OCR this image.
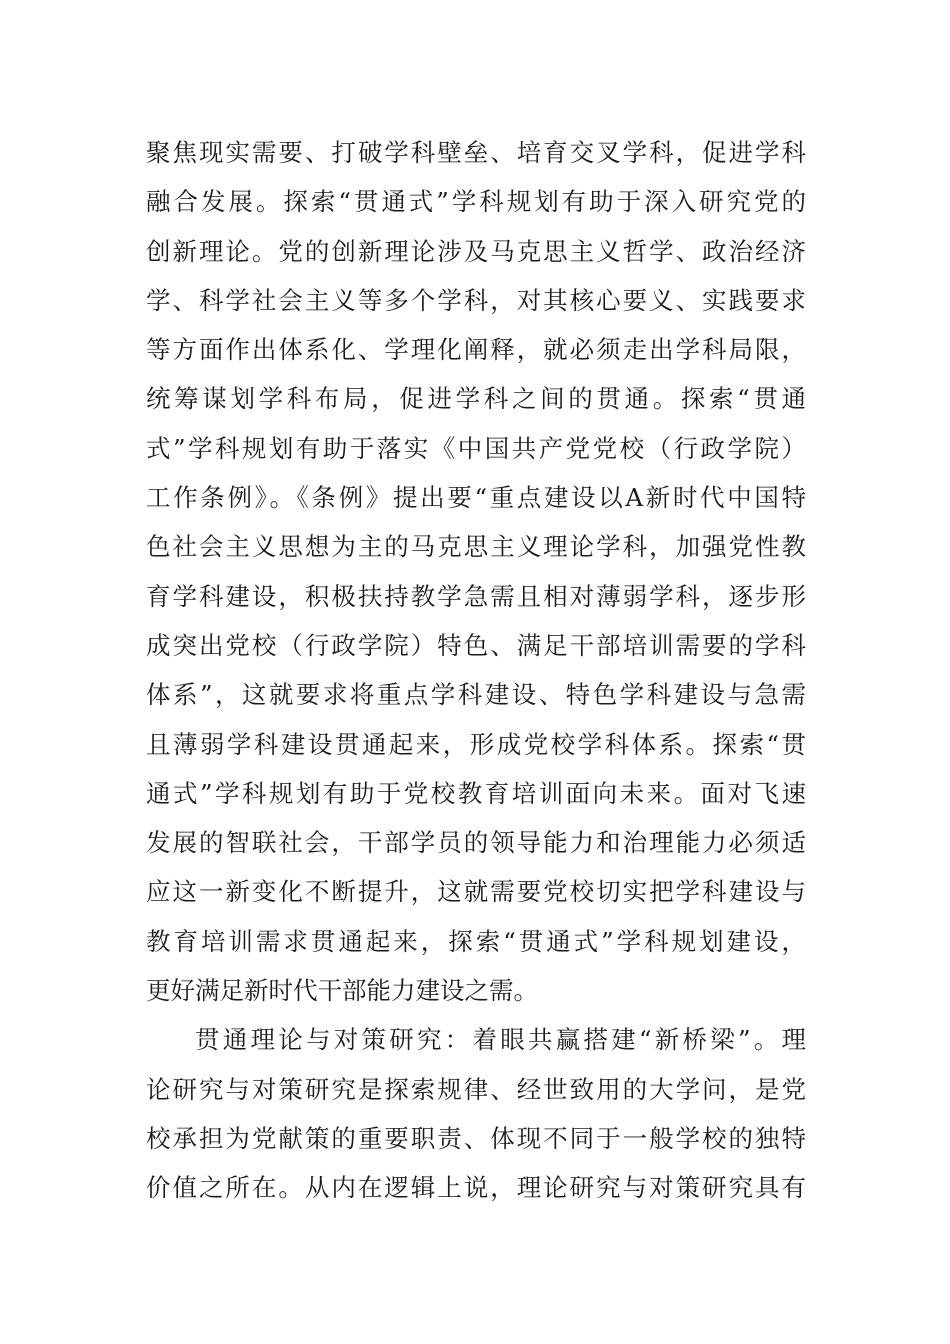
聚焦现实需要、打破学科壁垒、培育交叉学科，促进学科
融合发展。探索“贯通式”学科规划有助于深入研究党的
创新理论。党的创新理论涉及马克思主义哲学、政治经济
学、科学社会主义等多个学科，对其核心要义、实践要求
等方面作出体系化、学理化阐释，就必须走出学科局限，
统筹谋划学科布局，促进学科之间的贯通。探索“贯通
式”学科规划有助于落实《中国共产党党校（行政学院）
工作条例》。《条例》提出要“重点建设以A新时代中国特
色社会主义思想为主的马克思主义理论学科，加强党性教
育学科建设，积极扶持教学急需且相对薄弱学科，逐步形
成突出党校（行政学院）特色、满足干部培训需要的学科
体系”，这就要求将重点学科建设、特色学科建设与急需
且薄弱学科建设贯通起来，形成党校学科体系。探索“贯
通式”学科规划有助于党校教育培训面向未来。面对飞速
发展的智联社会，干部学员的领导能力和治理能力必须适
应这一新变化不断提升，这就需要党校切实把学科建设与
教育培训需求贯通起来，探索“贯通式”学科规划建设，
更好满足新时代干部能力建设之需。
贯通理论与对策研究：着眼共赢搭建“新桥梁”。理
论研究与对策研究是探索规律、经世致用的大学问，是党
校承担为党献策的重要职责、体现不同于一般学校的独特
价值之所在。从内在逻辑上说，理论研究与对策研究具有
